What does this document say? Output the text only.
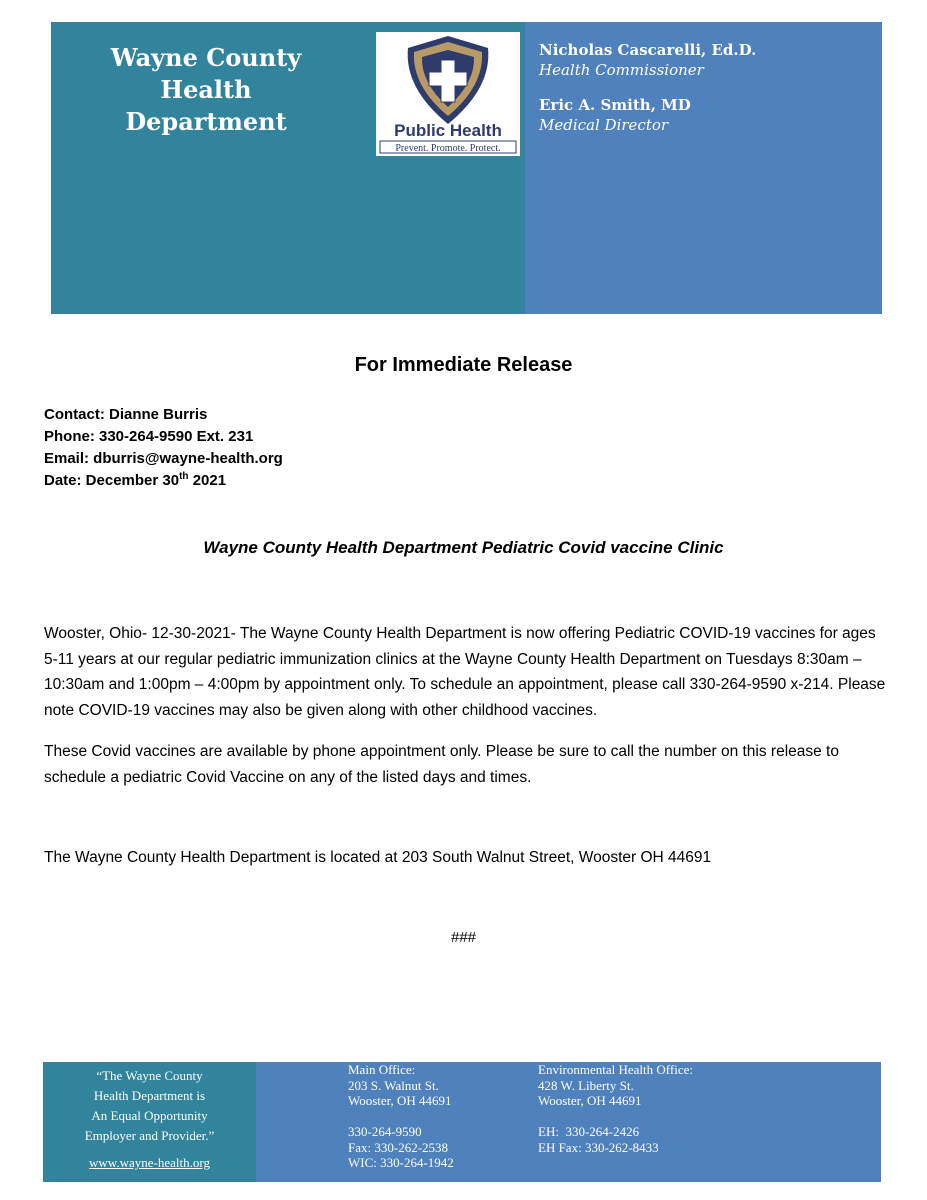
Wayne County
Health
Department	Public Health
Prevent. Promote. Protect.
Nicholas Cascarelli, Ed.D.
Health Commissioner
Eric A. Smith, MD
Medical Director
For Immediate Release
Contact: Dianne Burris
Phone: 330-264-9590 Ext. 231
Email: dburris@wayne-health.org
Date: December 30th 2021
Wayne County Health Department Pediatric Covid vaccine Clinic

Wooster, Ohio- 12-30-2021- The Wayne County Health Department is now offering Pediatric COVID-19 vaccines for ages 5-11 years at our regular pediatric immunization clinics at the Wayne County Health Department on Tuesdays 8:30am – 10:30am and 1:00pm – 4:00pm by appointment only. To schedule an appointment, please call 330-264-9590 x-214. Please note COVID-19 vaccines may also be given along with other childhood vaccines.

These Covid vaccines are available by phone appointment only. Please be sure to call the number on this release to schedule a pediatric Covid Vaccine on any of the listed days and times.

The Wayne County Health Department is located at 203 South Walnut Street, Wooster OH 44691

###
“The Wayne County
Health Department is
An Equal Opportunity
Employer and Provider.”
www.wayne-health.org
Main Office:
203 S. Walnut St.
Wooster, OH 44691
330-264-9590
Fax: 330-262-2538
WIC: 330-264-1942
Environmental Health Office:
428 W. Liberty St.
Wooster, OH 44691
EH:  330-264-2426
EH Fax: 330-262-8433
